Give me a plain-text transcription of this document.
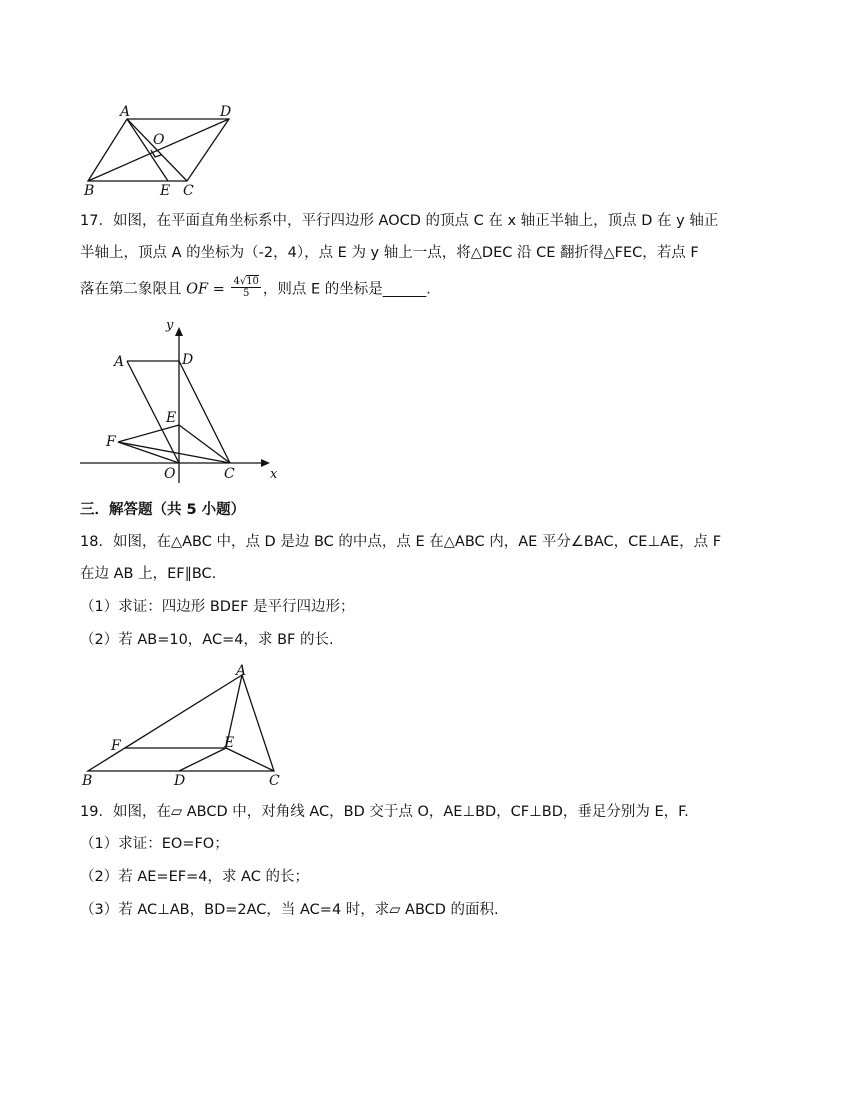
A	D
O
B	E C
17．如图，在平面直角坐标系中，平行四边形 AOCD 的顶点 C 在 x 轴正半轴上，顶点 D 在 y 轴正
半轴上，顶点 A 的坐标为（-2，4），点 E 为 y 轴上一点，将△DEC 沿 CE 翻折得△FEC，若点 F
落在第二象限且 OF = $\frac{4√10}{5}$ ，则点 E 的坐标是______.
y
x
A	D
E
F
O	C
三．解答题（共 5 小题）
18．如图，在△ABC 中，点 D 是边 BC 的中点，点 E 在△ABC 内，AE 平分∠BAC，CE⊥AE，点 F
在边 AB 上，EF∥BC.
（1）求证：四边形 BDEF 是平行四边形；
（2）若 AB=10，AC=4，求 BF 的长.
A
F	E
B	D	C
19．如图，在▱ ABCD 中，对角线 AC，BD 交于点 O，AE⊥BD，CF⊥BD，垂足分别为 E，F.
（1）求证：EO=FO；
（2）若 AE=EF=4，求 AC 的长；
（3）若 AC⊥AB，BD=2AC，当 AC=4 时，求▱ ABCD 的面积.
